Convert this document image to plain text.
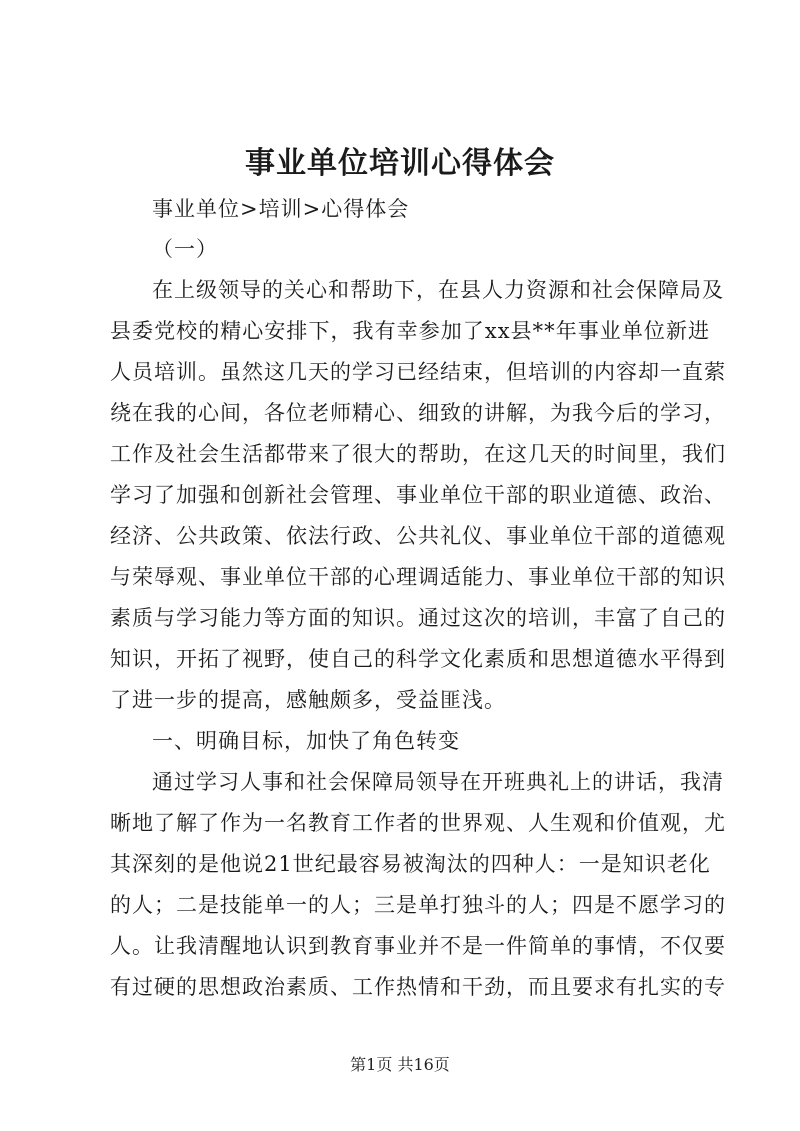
事业单位培训心得体会
事业单位>培训>心得体会
（一）
在上级领导的关心和帮助下，在县人力资源和社会保障局及
县委党校的精心安排下，我有幸参加了xx县**年事业单位新进
人员培训。虽然这几天的学习已经结束，但培训的内容却一直萦
绕在我的心间，各位老师精心、细致的讲解，为我今后的学习，
工作及社会生活都带来了很大的帮助，在这几天的时间里，我们
学习了加强和创新社会管理、事业单位干部的职业道德、政治、
经济、公共政策、依法行政、公共礼仪、事业单位干部的道德观
与荣辱观、事业单位干部的心理调适能力、事业单位干部的知识
素质与学习能力等方面的知识。通过这次的培训，丰富了自己的
知识，开拓了视野，使自己的科学文化素质和思想道德水平得到
了进一步的提高，感触颇多，受益匪浅。
一、明确目标，加快了角色转变
通过学习人事和社会保障局领导在开班典礼上的讲话，我清
晰地了解了作为一名教育工作者的世界观、人生观和价值观，尤
其深刻的是他说21世纪最容易被淘汰的四种人：一是知识老化
的人；二是技能单一的人；三是单打独斗的人；四是不愿学习的
人。让我清醒地认识到教育事业并不是一件简单的事情，不仅要
有过硬的思想政治素质、工作热情和干劲，而且要求有扎实的专
第1页 共16页
